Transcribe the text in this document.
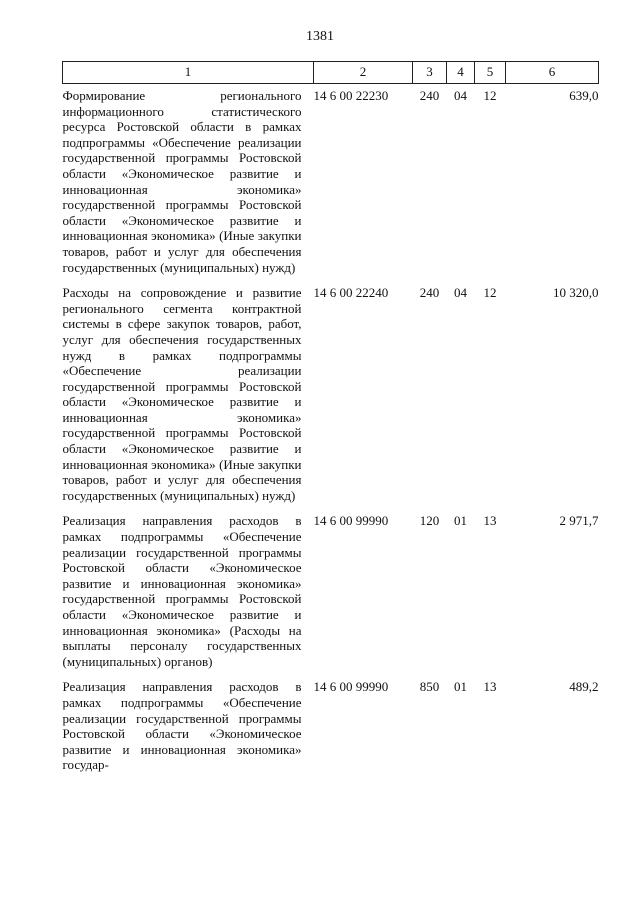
1381
1	2	3	4	5	6

Формирование регионального информационного статистического ресурса Ростовской области в рамках подпрограммы «Обеспечение реализации государственной программы Ростовской области «Экономическое развитие и инновационная экономика» государственной программы Ростовской области «Экономическое развитие и инновационная экономика» (Иные закупки товаров, работ и услуг для обеспечения государственных (муниципальных) нужд)	14 6 00 22230	240	04	12	639,0

Расходы на сопровождение и развитие регионального сегмента контрактной системы в сфере закупок товаров, работ, услуг для обеспечения государственных нужд в рамках подпрограммы «Обеспечение реализации государственной программы Ростовской области «Экономическое развитие и инновационная экономика» государственной программы Ростовской области «Экономическое развитие и инновационная экономика» (Иные закупки товаров, работ и услуг для обеспечения государственных (муниципальных) нужд)	14 6 00 22240	240	04	12	10 320,0

Реализация направления расходов в рамках подпрограммы «Обеспечение реализации государственной программы Ростовской области «Экономическое развитие и инновационная экономика» государственной программы Ростовской области «Экономическое развитие и инновационная экономика» (Расходы на выплаты персоналу государственных (муниципальных) органов)	14 6 00 99990	120	01	13	2 971,7

Реализация направления расходов в рамках подпрограммы «Обеспечение реализации государственной программы Ростовской области «Экономическое развитие и инновационная экономика» государ-	14 6 00 99990	850	01	13	489,2
